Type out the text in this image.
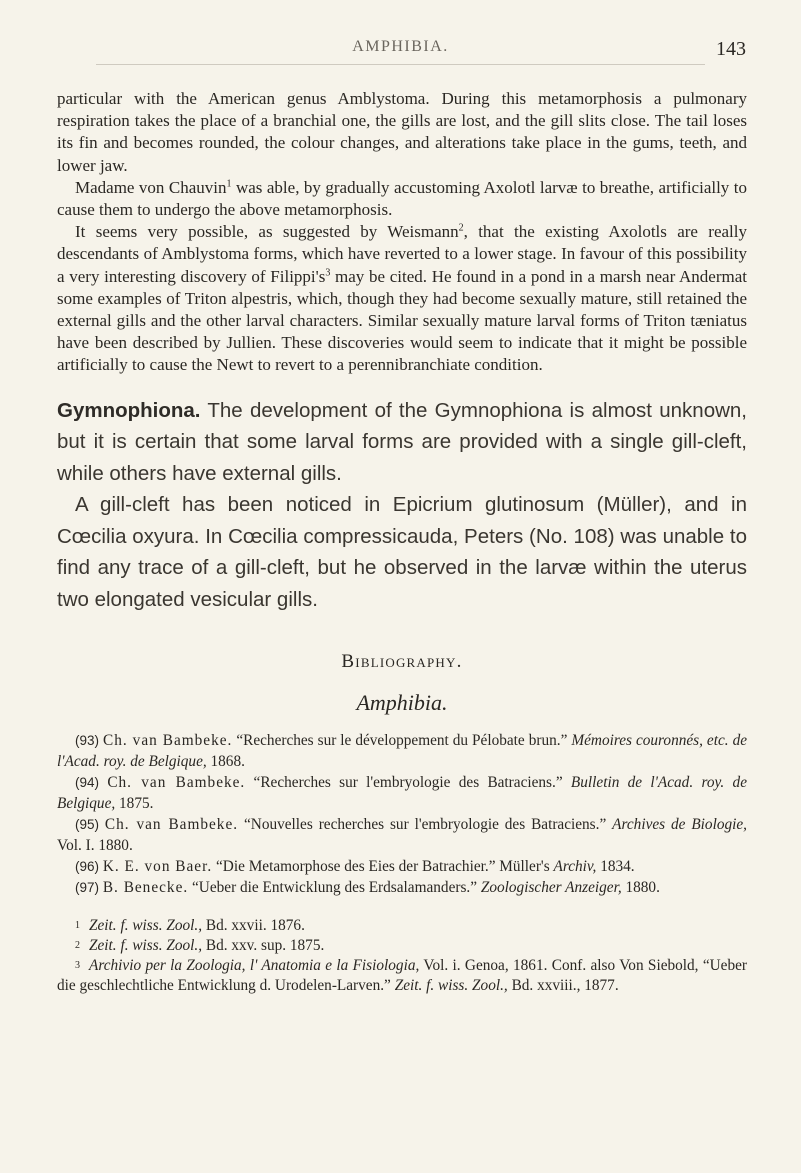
AMPHIBIA.	143

particular with the American genus Amblystoma. During this metamorphosis a pulmonary respiration takes the place of a branchial one, the gills are lost, and the gill slits close. The tail loses its fin and becomes rounded, the colour changes, and alterations take place in the gums, teeth, and lower jaw.

Madame von Chauvin$^1$ was able, by gradually accustoming Axolotl larvæ to breathe, artificially to cause them to undergo the above metamorphosis.

It seems very possible, as suggested by Weismann$^2$, that the existing Axolotls are really descendants of Amblystoma forms, which have reverted to a lower stage. In favour of this possibility a very interesting discovery of $Filippi's^3$ may be cited. He found in a pond in a marsh near Andermat some examples of Triton alpestris, which, though they had become sexually mature, still retained the external gills and the other larval characters. Similar sexually mature larval forms of Triton tæniatus have been described by Jullien. These discoveries would seem to indicate that it might be possible artificially to cause the Newt to revert to a perennibranchiate condition.

Gymnophiona. The development of the Gymnophiona is almost unknown, but it is certain that some larval forms are provided with a single gill-cleft, while others have external gills.
A gill-cleft has been noticed in Epicrium glutinosum (Müller), and in Cœcilia oxyura. In Cœcilia compressicauda, Peters (No. 108) was unable to find any trace of a gill-cleft, but he observed in the larvæ within the uterus two elongated vesicular gills.
Bibliography.
Amphibia.

(93) Ch. van Bambeke. “Recherches sur le développement du Pélobate brun.” Mémoires couronnés, etc. de l'Acad. roy. de Belgique, 1868.

(94) Ch. van Bambeke. “Recherches sur l'embryologie des Batraciens.” Bulletin de l'Acad. roy. de Belgique, 1875.

(95) Ch. van Bambeke. “Nouvelles recherches sur l'embryologie des Batraciens.” Archives de Biologie, Vol. I. 1880.

(96) K. E. von Baer. “Die Metamorphose des Eies der Batrachier.” Müller's Archiv, 1834.

(97) B. Benecke. “Ueber die Entwicklung des Erdsalamanders.” Zoologischer Anzeiger, 1880.

1 Zeit. f. wiss. Zool., Bd. xxvii. 1876.

2 Zeit. f. wiss. Zool., Bd. xxv. sup. 1875.

3 Archivio per la Zoologia, l' Anatomia e la Fisiologia, Vol. i. Genoa, 1861. Conf. also Von Siebold, “Ueber die geschlechtliche Entwicklung d. Urodelen-Larven.” Zeit. f. wiss. Zool., Bd. xxviii., 1877.
